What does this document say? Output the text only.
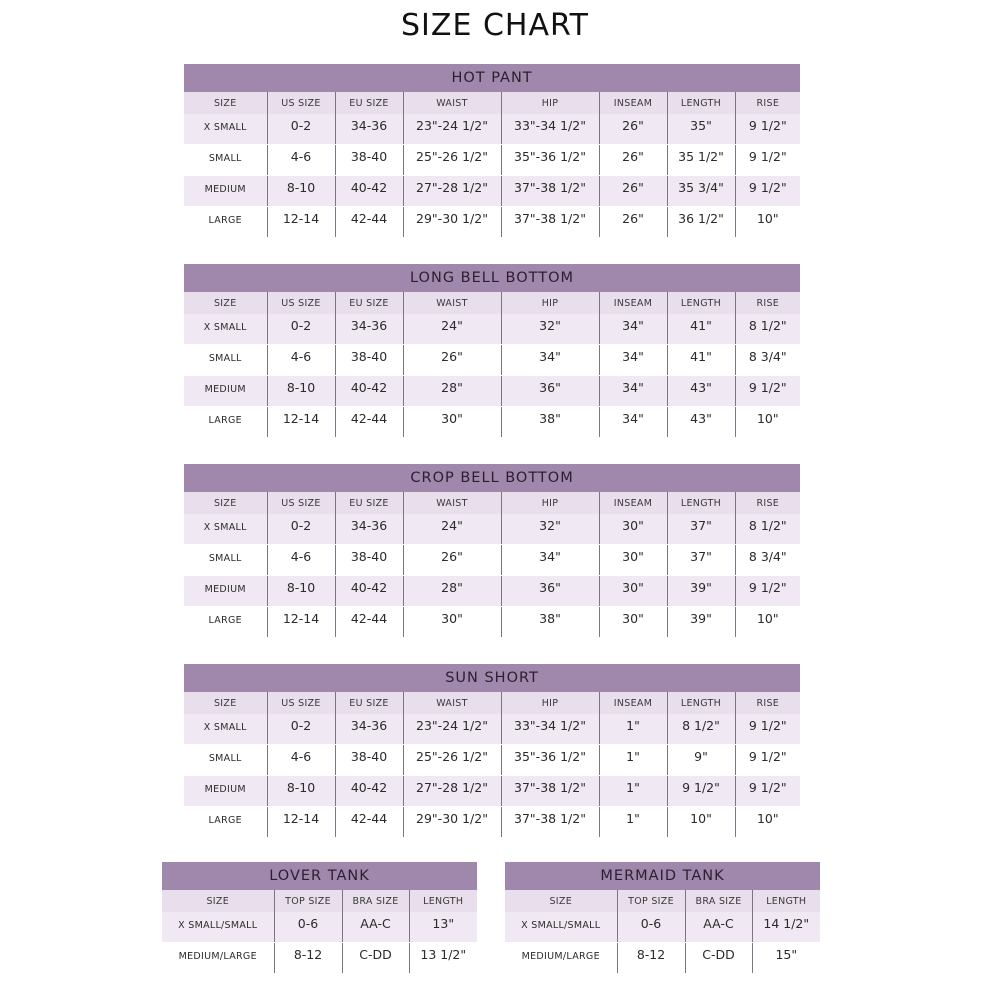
SIZE CHART
HOT PANT							
SIZE	US SIZE	EU SIZE	WAIST	HIP	INSEAM	LENGTH	RISE

X SMALL	0-2	34-36	23"-24 1/2"	33"-34 1/2"	26"	35"	9 1/2"

SMALL	4-6	38-40	25"-26 1/2"	35"-36 1/2"	26"	35 1/2"	9 1/2"

MEDIUM	8-10	40-42	27"-28 1/2"	37"-38 1/2"	26"	35 3/4"	9 1/2"

LARGE	12-14	42-44	29"-30 1/2"	37"-38 1/2"	26"	36 1/2"	10"
LONG BELL BOTTOM							
SIZE	US SIZE	EU SIZE	WAIST	HIP	INSEAM	LENGTH	RISE

X SMALL	0-2	34-36	24"	32"	34"	41"	8 1/2"

SMALL	4-6	38-40	26"	34"	34"	41"	8 3/4"

MEDIUM	8-10	40-42	28"	36"	34"	43"	9 1/2"

LARGE	12-14	42-44	30"	38"	34"	43"	10"
CROP BELL BOTTOM							
SIZE	US SIZE	EU SIZE	WAIST	HIP	INSEAM	LENGTH	RISE

X SMALL	0-2	34-36	24"	32"	30"	37"	8 1/2"

SMALL	4-6	38-40	26"	34"	30"	37"	8 3/4"

MEDIUM	8-10	40-42	28"	36"	30"	39"	9 1/2"

LARGE	12-14	42-44	30"	38"	30"	39"	10"
SUN SHORT							
SIZE	US SIZE	EU SIZE	WAIST	HIP	INSEAM	LENGTH	RISE

X SMALL	0-2	34-36	23"-24 1/2"	33"-34 1/2"	1"	8 1/2"	9 1/2"

SMALL	4-6	38-40	25"-26 1/2"	35"-36 1/2"	1"	9"	9 1/2"

MEDIUM	8-10	40-42	27"-28 1/2"	37"-38 1/2"	1"	9 1/2"	9 1/2"

LARGE	12-14	42-44	29"-30 1/2"	37"-38 1/2"	1"	10"	10"
LOVER TANK			
SIZE	TOP SIZE	BRA SIZE	LENGTH

X SMALL/SMALL	0-6	AA-C	13"

MEDIUM/LARGE	8-12	C-DD	13 1/2"
MERMAID TANK			
SIZE	TOP SIZE	BRA SIZE	LENGTH

X SMALL/SMALL	0-6	AA-C	14 1/2"

MEDIUM/LARGE	8-12	C-DD	15"
